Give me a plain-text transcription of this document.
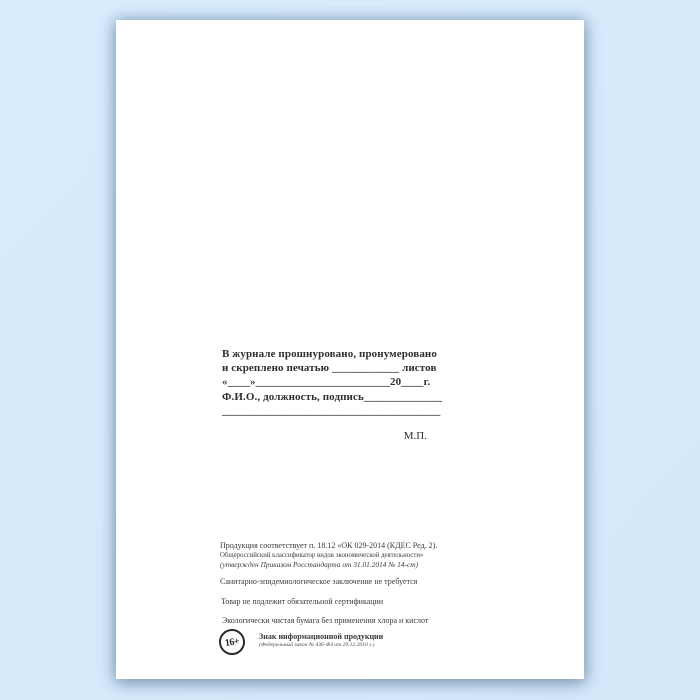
В журнале прошнуровано, пронумеровано
и скреплено печатью ____________ листов
«____»________________________20____г.
Ф.И.О., должность, подпись______________
_______________________________________
М.П.
Продукция соответствует п. 18.12 «ОК 029-2014 (КДЕС Ред. 2).
Общероссийский классификатор видов экономической деятельности»
(утвержден Приказом Росстандарта от 31.01.2014 № 14-ст)
Санитарно-эпидемиологическое заключение не требуется
Товар не подлежит обязательной сертификации
Экологически чистая бумага без применения хлора и кислот
16+ Знак информационной продукции
(Федеральный закон № 436-ФЗ от 29.12.2010 г.)
